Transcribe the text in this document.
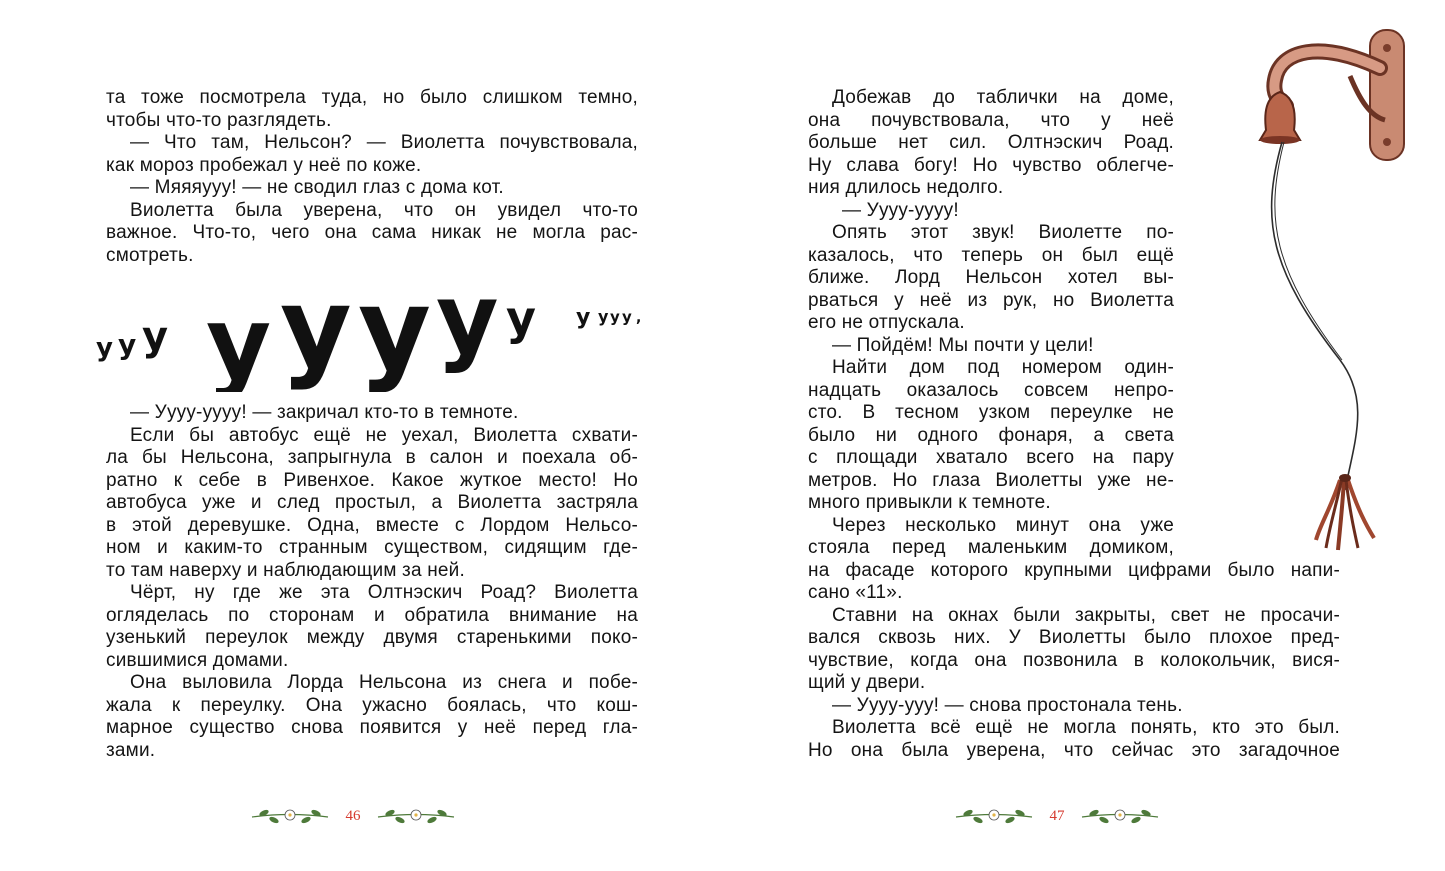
та тоже посмотрела туда, но было слишком темно,
чтобы что-то разглядеть.
— Что там, Нельсон? — Виолетта почувствовала,
как мороз пробежал у неё по коже.
— Мяяяууу! — не сводил глаз с дома кот.
Виолетта была уверена, что он увидел что-то
важное. Что-то, чего она сама никак не могла рас-
смотреть.
у у у у у у у у у у у у ,
— Уууу-уууу! — закричал кто-то в темноте.
Если бы автобус ещё не уехал, Виолетта схвати-
ла бы Нельсона, запрыгнула в салон и поехала об-
ратно к себе в Ривенхое. Какое жуткое место! Но
автобуса уже и след простыл, а Виолетта застряла
в этой деревушке. Одна, вместе с Лордом Нельсо-
ном и каким-то странным существом, сидящим где-
то там наверху и наблюдающим за ней.
Чёрт, ну где же эта Олтнэскич Роад? Виолетта
огляделась по сторонам и обратила внимание на
узенький переулок между двумя старенькими поко-
сившимися домами.
Она выловила Лорда Нельсона из снега и побе-
жала к переулку. Она ужасно боялась, что кош-
марное существо снова появится у неё перед гла-
зами.
46
Добежав до таблички на доме,
она почувствовала, что у неё
больше нет сил. Олтнэскич Роад.
Ну слава богу! Но чувство облегче-
ния длилось недолго.
— Уууу-уууу!
Опять этот звук! Виолетте по-
казалось, что теперь он был ещё
ближе. Лорд Нельсон хотел вы-
рваться у неё из рук, но Виолетта
его не отпускала.
— Пойдём! Мы почти у цели!
Найти дом под номером один-
надцать оказалось совсем непро-
сто. В тесном узком переулке не
было ни одного фонаря, а света
с площади хватало всего на пару
метров. Но глаза Виолетты уже не-
много привыкли к темноте.
Через несколько минут она уже
стояла перед маленьким домиком,
на фасаде которого крупными цифрами было напи-
сано «11».
Ставни на окнах были закрыты, свет не просачи-
вался сквозь них. У Виолетты было плохое пред-
чувствие, когда она позвонила в колокольчик, вися-
щий у двери.
— Уууу-ууу! — снова простонала тень.
Виолетта всё ещё не могла понять, кто это был.
Но она была уверена, что сейчас это загадочное
47
